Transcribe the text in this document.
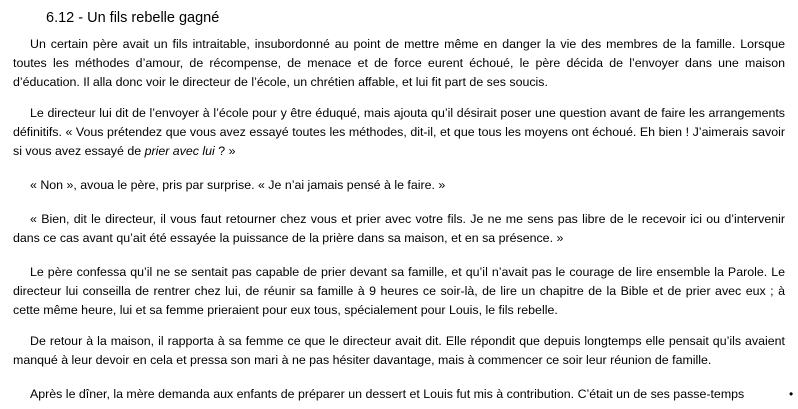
6.12 - Un fils rebelle gagné

Un certain père avait un fils intraitable, insubordonné au point de mettre même en danger la vie des membres de la famille. Lorsque toutes les méthodes d’amour, de récompense, de menace et de force eurent échoué, le père décida de l’envoyer dans une maison d’éducation. Il alla donc voir le directeur de l’école, un chrétien affable, et lui fit part de ses soucis.

Le directeur lui dit de l’envoyer à l’école pour y être éduqué, mais ajouta qu’il désirait poser une question avant de faire les arrangements définitifs. « Vous prétendez que vous avez essayé toutes les méthodes, dit-il, et que tous les moyens ont échoué. Eh bien ! J’aimerais savoir si vous avez essayé de prier avec lui ? »

« Non », avoua le père, pris par surprise. « Je n’ai jamais pensé à le faire. »

« Bien, dit le directeur, il vous faut retourner chez vous et prier avec votre fils. Je ne me sens pas libre de le recevoir ici ou d’intervenir dans ce cas avant qu’ait été essayée la puissance de la prière dans sa maison, et en sa présence. »

Le père confessa qu’il ne se sentait pas capable de prier devant sa famille, et qu’il n’avait pas le courage de lire ensemble la Parole. Le directeur lui conseilla de rentrer chez lui, de réunir sa famille à 9 heures ce soir-là, de lire un chapitre de la Bible et de prier avec eux ; à cette même heure, lui et sa femme prieraient pour eux tous, spécialement pour Louis, le fils rebelle.

De retour à la maison, il rapporta à sa femme ce que le directeur avait dit. Elle répondit que depuis longtemps elle pensait qu’ils avaient manqué à leur devoir en cela et pressa son mari à ne pas hésiter davantage, mais à commencer ce soir leur réunion de famille.

Après le dîner, la mère demanda aux enfants de préparer un dessert et Louis fut mis à contribution. C’était un de ses passe-temps	•
